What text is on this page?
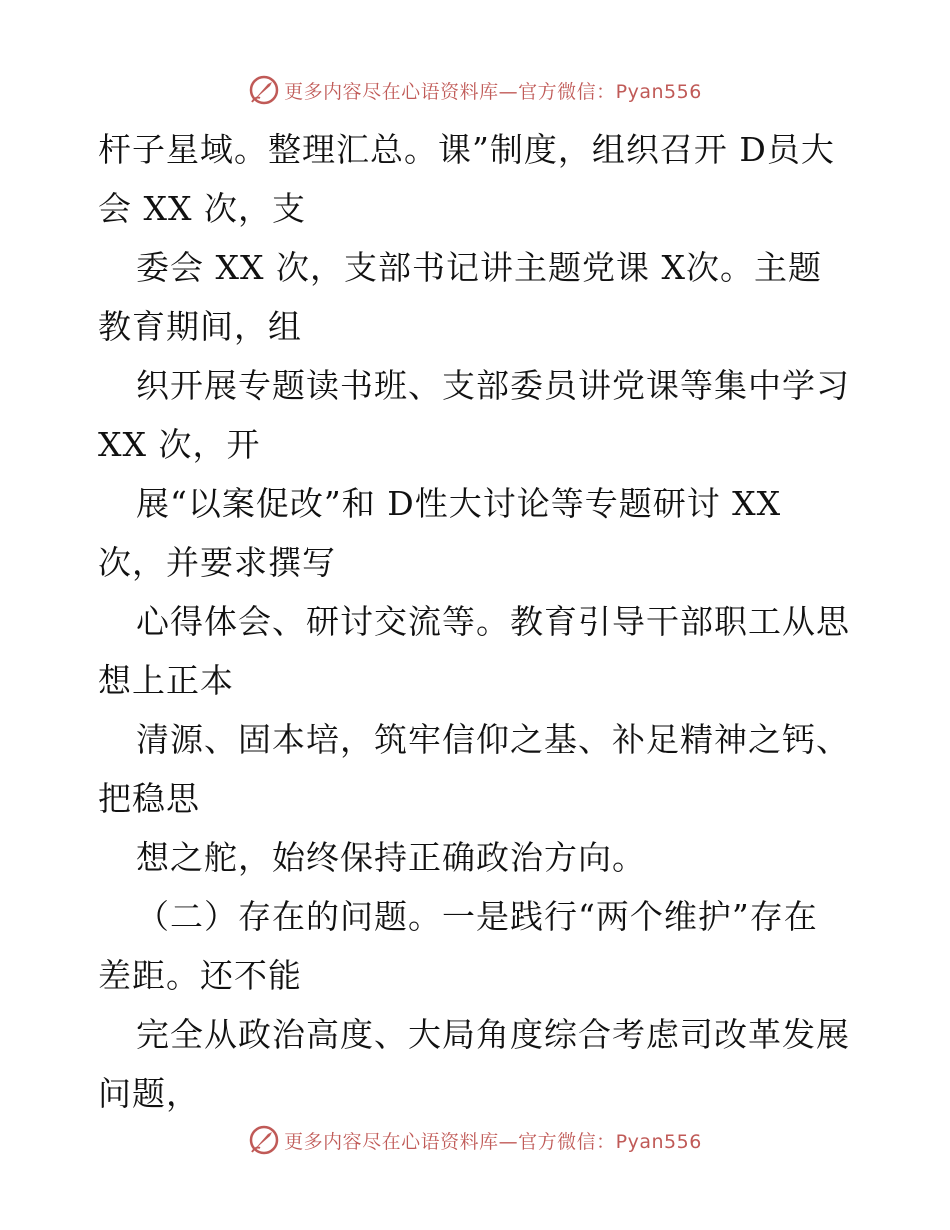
更多内容尽在心语资料库—官方微信：Pyan556
杆子星域。整理汇总。课”制度，组织召开 D员大
会 XX 次，支
委会 XX 次，支部书记讲主题党课 X次。主题
教育期间，组
织开展专题读书班、支部委员讲党课等集中学习
XX 次，开
展“以案促改”和 D性大讨论等专题研讨 XX
次，并要求撰写
心得体会、研讨交流等。教育引导干部职工从思
想上正本
清源、固本培，筑牢信仰之基、补足精神之钙、
把稳思
想之舵，始终保持正确政治方向。
（二）存在的问题。一是践行“两个维护”存在
差距。还不能
完全从政治高度、大局角度综合考虑司改革发展
问题，
更多内容尽在心语资料库—官方微信：Pyan556
